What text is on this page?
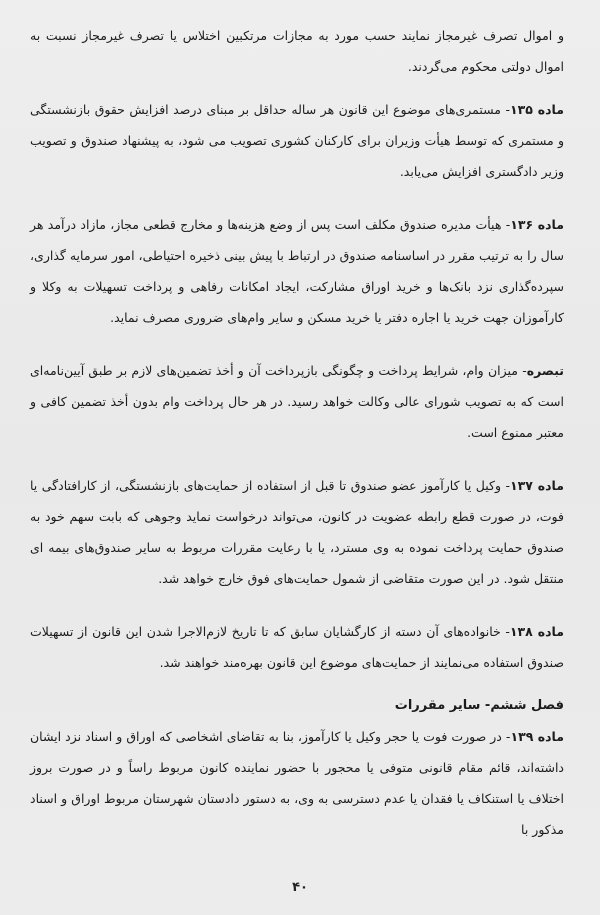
و اموال تصرف غیرمجاز نمایند حسب مورد به مجازات مرتکبین اختلاس یا تصرف غیرمجاز نسبت به اموال دولتی محکوم می‌گردند.

ماده ۱۳۵- مستمری‌های موضوع این قانون هر ساله حداقل بر مبنای درصد افزایش حقوق بازنشستگی و مستمری که توسط هیأت وزیران برای کارکنان کشوری تصویب می شود، به پیشنهاد صندوق و تصویب وزیر دادگستری افزایش می‌یابد.

ماده ۱۳۶- هیأت مدیره صندوق مکلف است پس از وضع هزینه‌ها و مخارج قطعی مجاز، مازاد درآمد هر سال را به ترتیب مقرر در اساسنامه صندوق در ارتباط با پیش بینی ذخیره احتیاطی، امور سرمایه گذاری، سپرده‌گذاری نزد بانک‌ها و خرید اوراق مشارکت، ایجاد امکانات رفاهی و پرداخت تسهیلات به وکلا و کارآموزان جهت خرید یا اجاره دفتر یا خرید مسکن و سایر وام‌های ضروری مصرف نماید.

تبصره- میزان وام، شرایط پرداخت و چگونگی بازپرداخت آن و أخذ تضمین‌های لازم بر طبق آیین‌نامه‌ای است که به تصویب شورای عالی وکالت خواهد رسید. در هر حال پرداخت وام بدون أخذ تضمین کافی و معتبر ممنوع است.

ماده ۱۳۷- وکیل یا کارآموز عضو صندوق تا قبل از استفاده از حمایت‌های بازنشستگی، از کارافتادگی یا فوت، در صورت قطع رابطه عضویت در کانون، می‌تواند درخواست نماید وجوهی که بابت سهم خود به صندوق حمایت پرداخت نموده به وی مسترد، یا با رعایت مقررات مربوط به سایر صندوق‌های بیمه ای منتقل شود. در این صورت متقاضی از شمول حمایت‌های فوق خارج خواهد شد.

ماده ۱۳۸- خانواده‌های آن دسته از کارگشایان سابق که تا تاریخ لازم‌الاجرا شدن این قانون از تسهیلات صندوق استفاده می‌نمایند از حمایت‌های موضوع این قانون بهره‌مند خواهند شد.

فصل ششم- سایر مقررات

ماده ۱۳۹- در صورت فوت یا حجر وکیل یا کارآموز، بنا به تقاضای اشخاصی که اوراق و اسناد نزد ایشان داشته‌اند، قائم مقام قانونی متوفی یا محجور با حضور نماینده کانون مربوط راساً و در صورت بروز اختلاف یا استنکاف یا فقدان یا عدم دسترسی به وی، به دستور دادستان شهرستان مربوط اوراق و اسناد مذکور با

۴۰
